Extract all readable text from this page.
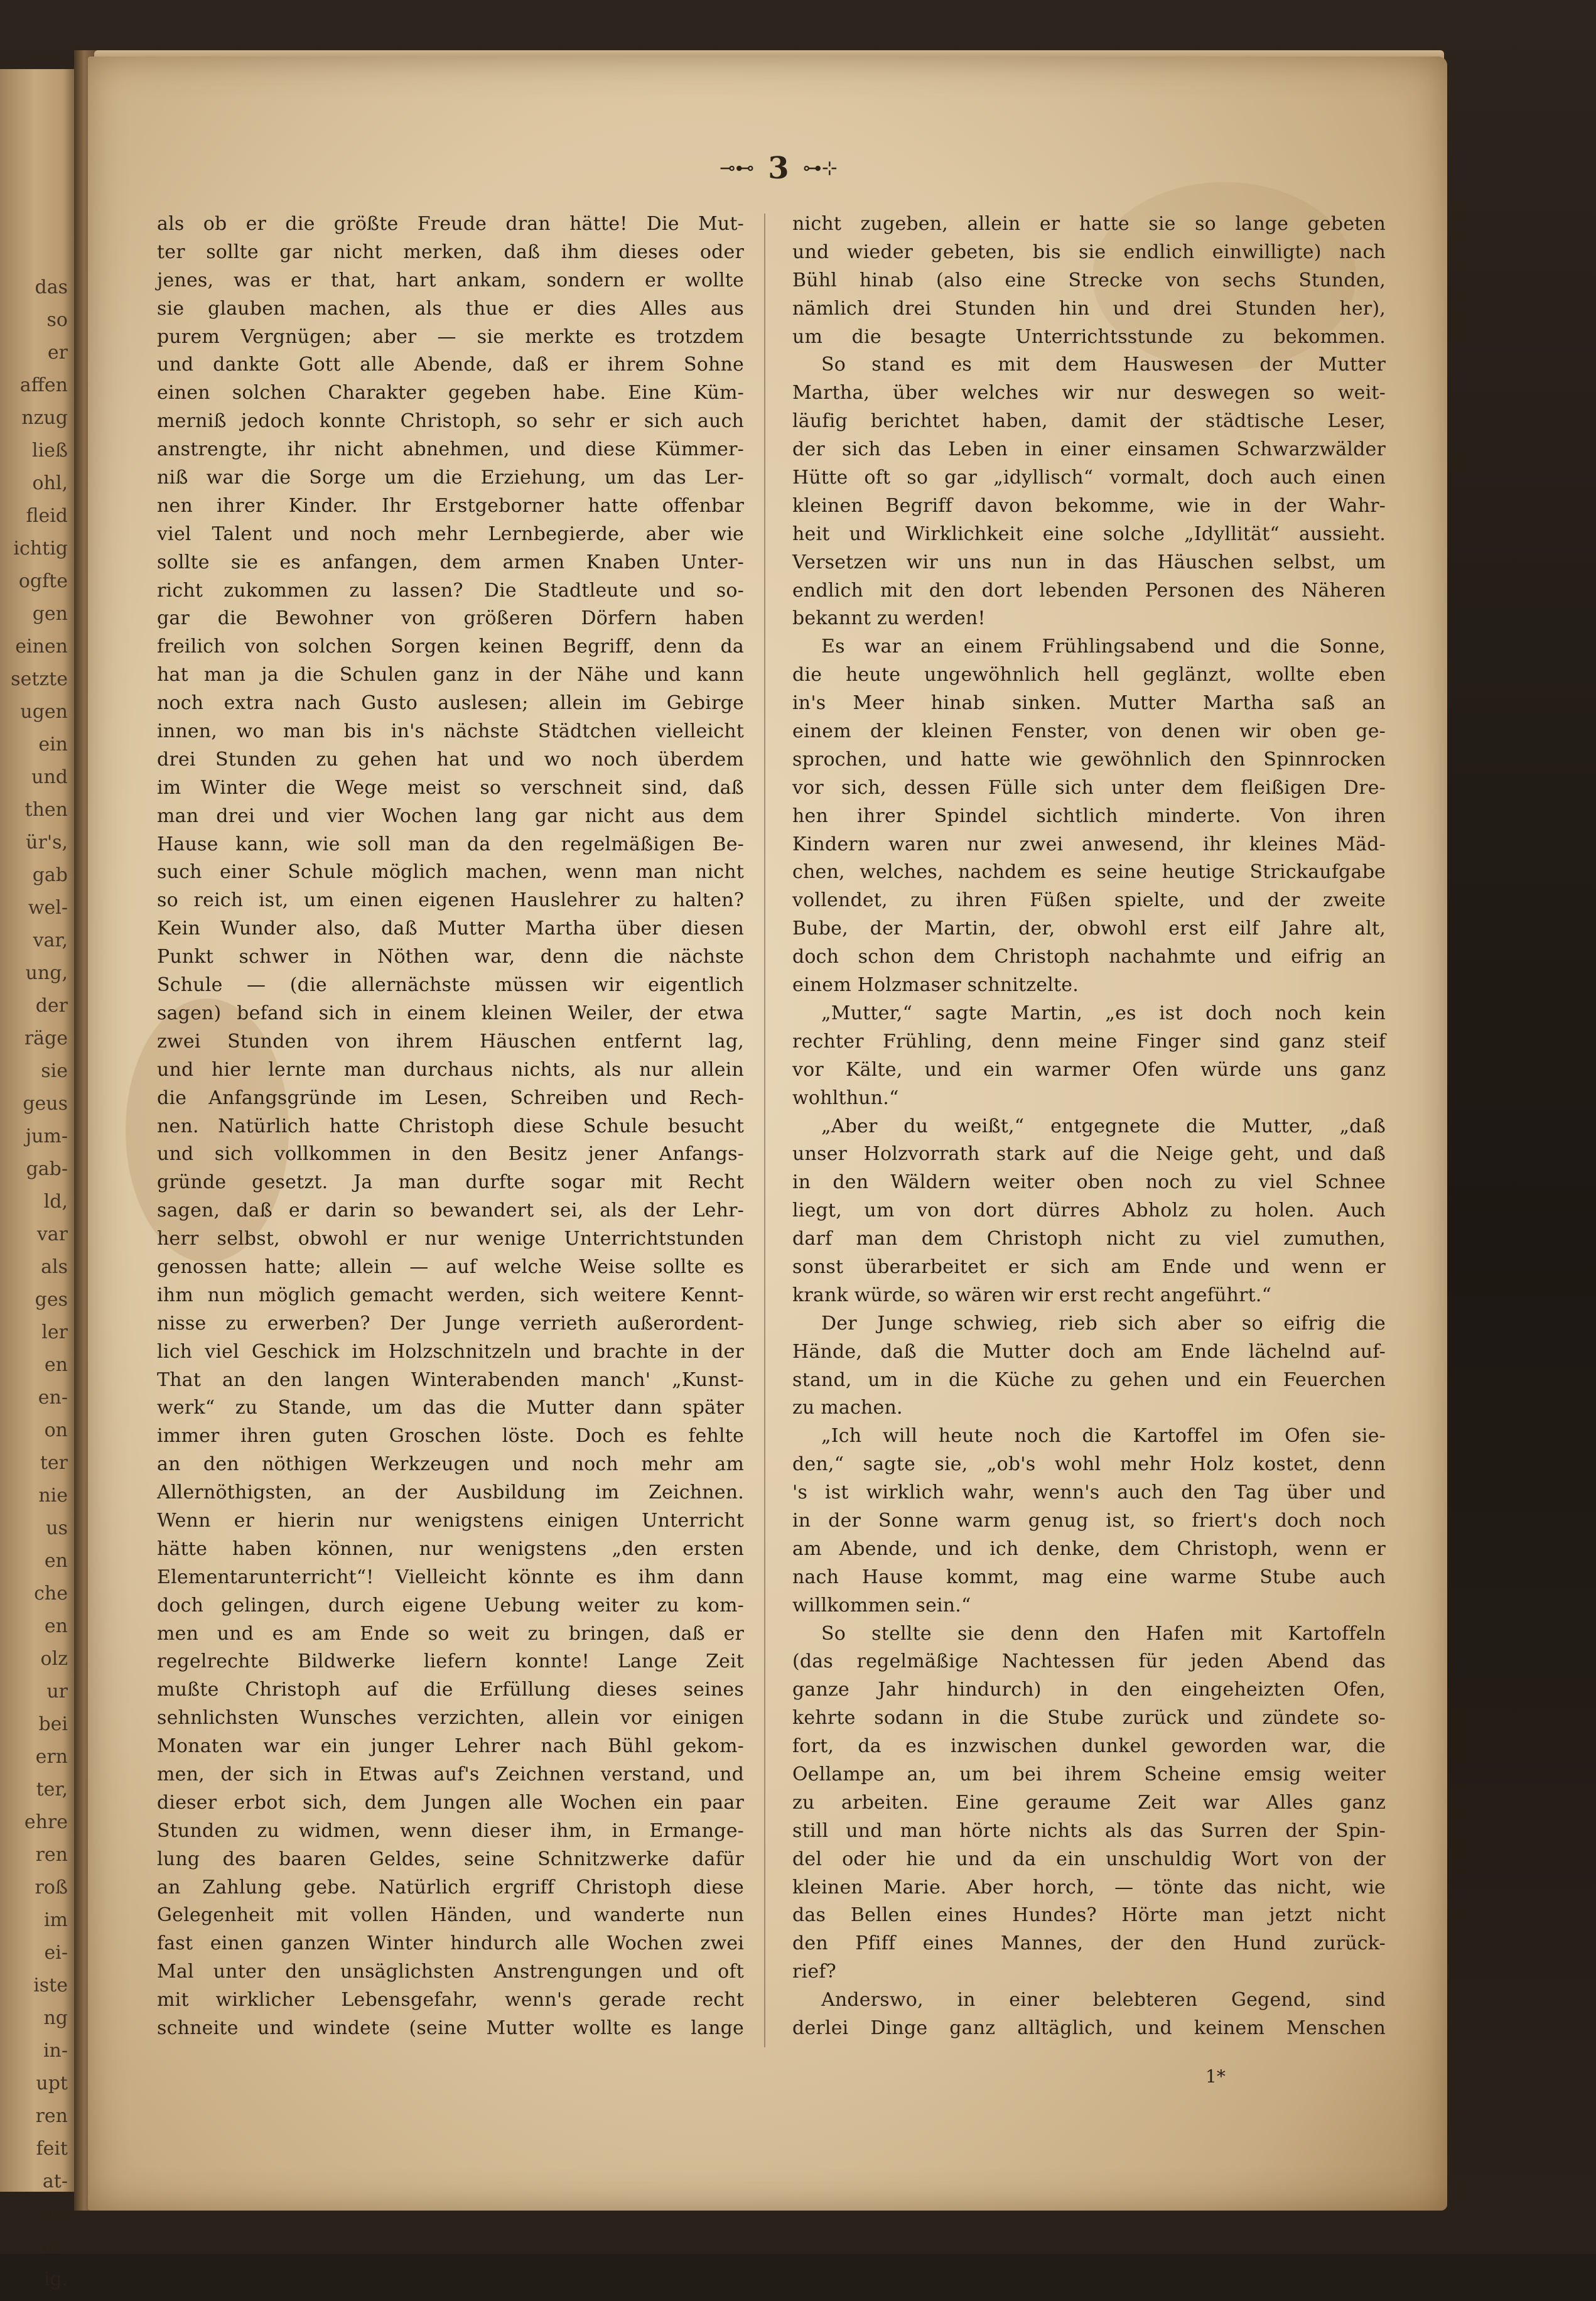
das
so
er
affen
nzug
ließ
ohl,
fleid
ichtig
ogfte
gen
einen
setzte
ugen
ein
und
then
ür's,
gab
wel-
var,
ung,
der
räge
sie
geus
jum-
gab-
ld,
var
als
ges
ler
en
en-
on
ter
nie
us
en
che
en
olz
ur
bei
ern
ter,
ehre
ren
roß
im
ei-
iste
ng
in-
upt
ren
feit
at-
ein
ue-
ig.
⊸⊷ 3 ⊶⊹
als ob er die größte Freude dran hätte! Die Mut-
ter sollte gar nicht merken, daß ihm dieses oder
jenes, was er that, hart ankam, sondern er wollte
sie glauben machen, als thue er dies Alles aus
purem Vergnügen; aber — sie merkte es trotzdem
und dankte Gott alle Abende, daß er ihrem Sohne
einen solchen Charakter gegeben habe. Eine Küm-
merniß jedoch konnte Christoph, so sehr er sich auch
anstrengte, ihr nicht abnehmen, und diese Kümmer-
niß war die Sorge um die Erziehung, um das Ler-
nen ihrer Kinder. Ihr Erstgeborner hatte offenbar
viel Talent und noch mehr Lernbegierde, aber wie
sollte sie es anfangen, dem armen Knaben Unter-
richt zukommen zu lassen? Die Stadtleute und so-
gar die Bewohner von größeren Dörfern haben
freilich von solchen Sorgen keinen Begriff, denn da
hat man ja die Schulen ganz in der Nähe und kann
noch extra nach Gusto auslesen; allein im Gebirge
innen, wo man bis in's nächste Städtchen vielleicht
drei Stunden zu gehen hat und wo noch überdem
im Winter die Wege meist so verschneit sind, daß
man drei und vier Wochen lang gar nicht aus dem
Hause kann, wie soll man da den regelmäßigen Be-
such einer Schule möglich machen, wenn man nicht
so reich ist, um einen eigenen Hauslehrer zu halten?
Kein Wunder also, daß Mutter Martha über diesen
Punkt schwer in Nöthen war, denn die nächste
Schule — (die allernächste müssen wir eigentlich
sagen) befand sich in einem kleinen Weiler, der etwa
zwei Stunden von ihrem Häuschen entfernt lag,
und hier lernte man durchaus nichts, als nur allein
die Anfangsgründe im Lesen, Schreiben und Rech-
nen. Natürlich hatte Christoph diese Schule besucht
und sich vollkommen in den Besitz jener Anfangs-
gründe gesetzt. Ja man durfte sogar mit Recht
sagen, daß er darin so bewandert sei, als der Lehr-
herr selbst, obwohl er nur wenige Unterrichtstunden
genossen hatte; allein — auf welche Weise sollte es
ihm nun möglich gemacht werden, sich weitere Kennt-
nisse zu erwerben? Der Junge verrieth außerordent-
lich viel Geschick im Holzschnitzeln und brachte in der
That an den langen Winterabenden manch' „Kunst-
werk“ zu Stande, um das die Mutter dann später
immer ihren guten Groschen löste. Doch es fehlte
an den nöthigen Werkzeugen und noch mehr am
Allernöthigsten, an der Ausbildung im Zeichnen.
Wenn er hierin nur wenigstens einigen Unterricht
hätte haben können, nur wenigstens „den ersten
Elementarunterricht“! Vielleicht könnte es ihm dann
doch gelingen, durch eigene Uebung weiter zu kom-
men und es am Ende so weit zu bringen, daß er
regelrechte Bildwerke liefern konnte! Lange Zeit
mußte Christoph auf die Erfüllung dieses seines
sehnlichsten Wunsches verzichten, allein vor einigen
Monaten war ein junger Lehrer nach Bühl gekom-
men, der sich in Etwas auf's Zeichnen verstand, und
dieser erbot sich, dem Jungen alle Wochen ein paar
Stunden zu widmen, wenn dieser ihm, in Ermange-
lung des baaren Geldes, seine Schnitzwerke dafür
an Zahlung gebe. Natürlich ergriff Christoph diese
Gelegenheit mit vollen Händen, und wanderte nun
fast einen ganzen Winter hindurch alle Wochen zwei
Mal unter den unsäglichsten Anstrengungen und oft
mit wirklicher Lebensgefahr, wenn's gerade recht
schneite und windete (seine Mutter wollte es lange
nicht zugeben, allein er hatte sie so lange gebeten
und wieder gebeten, bis sie endlich einwilligte) nach
Bühl hinab (also eine Strecke von sechs Stunden,
nämlich drei Stunden hin und drei Stunden her),
um die besagte Unterrichtsstunde zu bekommen.
So stand es mit dem Hauswesen der Mutter
Martha, über welches wir nur deswegen so weit-
läufig berichtet haben, damit der städtische Leser,
der sich das Leben in einer einsamen Schwarzwälder
Hütte oft so gar „idyllisch“ vormalt, doch auch einen
kleinen Begriff davon bekomme, wie in der Wahr-
heit und Wirklichkeit eine solche „Idyllität“ aussieht.
Versetzen wir uns nun in das Häuschen selbst, um
endlich mit den dort lebenden Personen des Näheren
bekannt zu werden!
Es war an einem Frühlingsabend und die Sonne,
die heute ungewöhnlich hell geglänzt, wollte eben
in's Meer hinab sinken. Mutter Martha saß an
einem der kleinen Fenster, von denen wir oben ge-
sprochen, und hatte wie gewöhnlich den Spinnrocken
vor sich, dessen Fülle sich unter dem fleißigen Dre-
hen ihrer Spindel sichtlich minderte. Von ihren
Kindern waren nur zwei anwesend, ihr kleines Mäd-
chen, welches, nachdem es seine heutige Strickaufgabe
vollendet, zu ihren Füßen spielte, und der zweite
Bube, der Martin, der, obwohl erst eilf Jahre alt,
doch schon dem Christoph nachahmte und eifrig an
einem Holzmaser schnitzelte.
„Mutter,“ sagte Martin, „es ist doch noch kein
rechter Frühling, denn meine Finger sind ganz steif
vor Kälte, und ein warmer Ofen würde uns ganz
wohlthun.“
„Aber du weißt,“ entgegnete die Mutter, „daß
unser Holzvorrath stark auf die Neige geht, und daß
in den Wäldern weiter oben noch zu viel Schnee
liegt, um von dort dürres Abholz zu holen. Auch
darf man dem Christoph nicht zu viel zumuthen,
sonst überarbeitet er sich am Ende und wenn er
krank würde, so wären wir erst recht angeführt.“
Der Junge schwieg, rieb sich aber so eifrig die
Hände, daß die Mutter doch am Ende lächelnd auf-
stand, um in die Küche zu gehen und ein Feuerchen
zu machen.
„Ich will heute noch die Kartoffel im Ofen sie-
den,“ sagte sie, „ob's wohl mehr Holz kostet, denn
's ist wirklich wahr, wenn's auch den Tag über und
in der Sonne warm genug ist, so friert's doch noch
am Abende, und ich denke, dem Christoph, wenn er
nach Hause kommt, mag eine warme Stube auch
willkommen sein.“
So stellte sie denn den Hafen mit Kartoffeln
(das regelmäßige Nachtessen für jeden Abend das
ganze Jahr hindurch) in den eingeheizten Ofen,
kehrte sodann in die Stube zurück und zündete so-
fort, da es inzwischen dunkel geworden war, die
Oellampe an, um bei ihrem Scheine emsig weiter
zu arbeiten. Eine geraume Zeit war Alles ganz
still und man hörte nichts als das Surren der Spin-
del oder hie und da ein unschuldig Wort von der
kleinen Marie. Aber horch, — tönte das nicht, wie
das Bellen eines Hundes? Hörte man jetzt nicht
den Pfiff eines Mannes, der den Hund zurück-
rief?
Anderswo, in einer belebteren Gegend, sind
derlei Dinge ganz alltäglich, und keinem Menschen
1*
